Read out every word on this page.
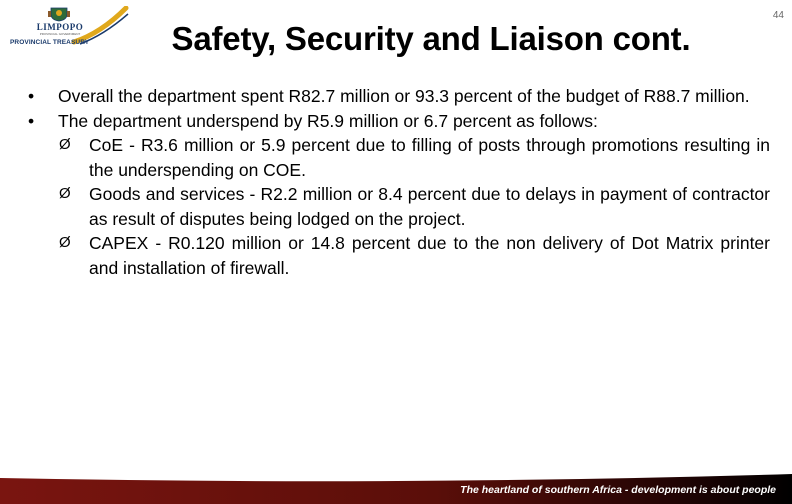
LIMPOPO
PROVINCIAL GOVERNMENT
PROVINCIAL TREASURY
44
Safety, Security and Liaison cont.

• Overall the department spent R82.7 million or 93.3 percent of the budget of R88.7 million.

• The department underspend by R5.9 million or 6.7 percent as follows:

Ø CoE - R3.6 million or 5.9 percent due to filling of posts through promotions resulting in the underspending on COE.

Ø Goods and services - R2.2 million or 8.4 percent due to delays in payment of contractor as result of disputes being lodged on the project.

Ø CAPEX - R0.120 million or 14.8 percent due to the non delivery of Dot Matrix printer and installation of firewall.

The heartland of southern Africa - development is about people
